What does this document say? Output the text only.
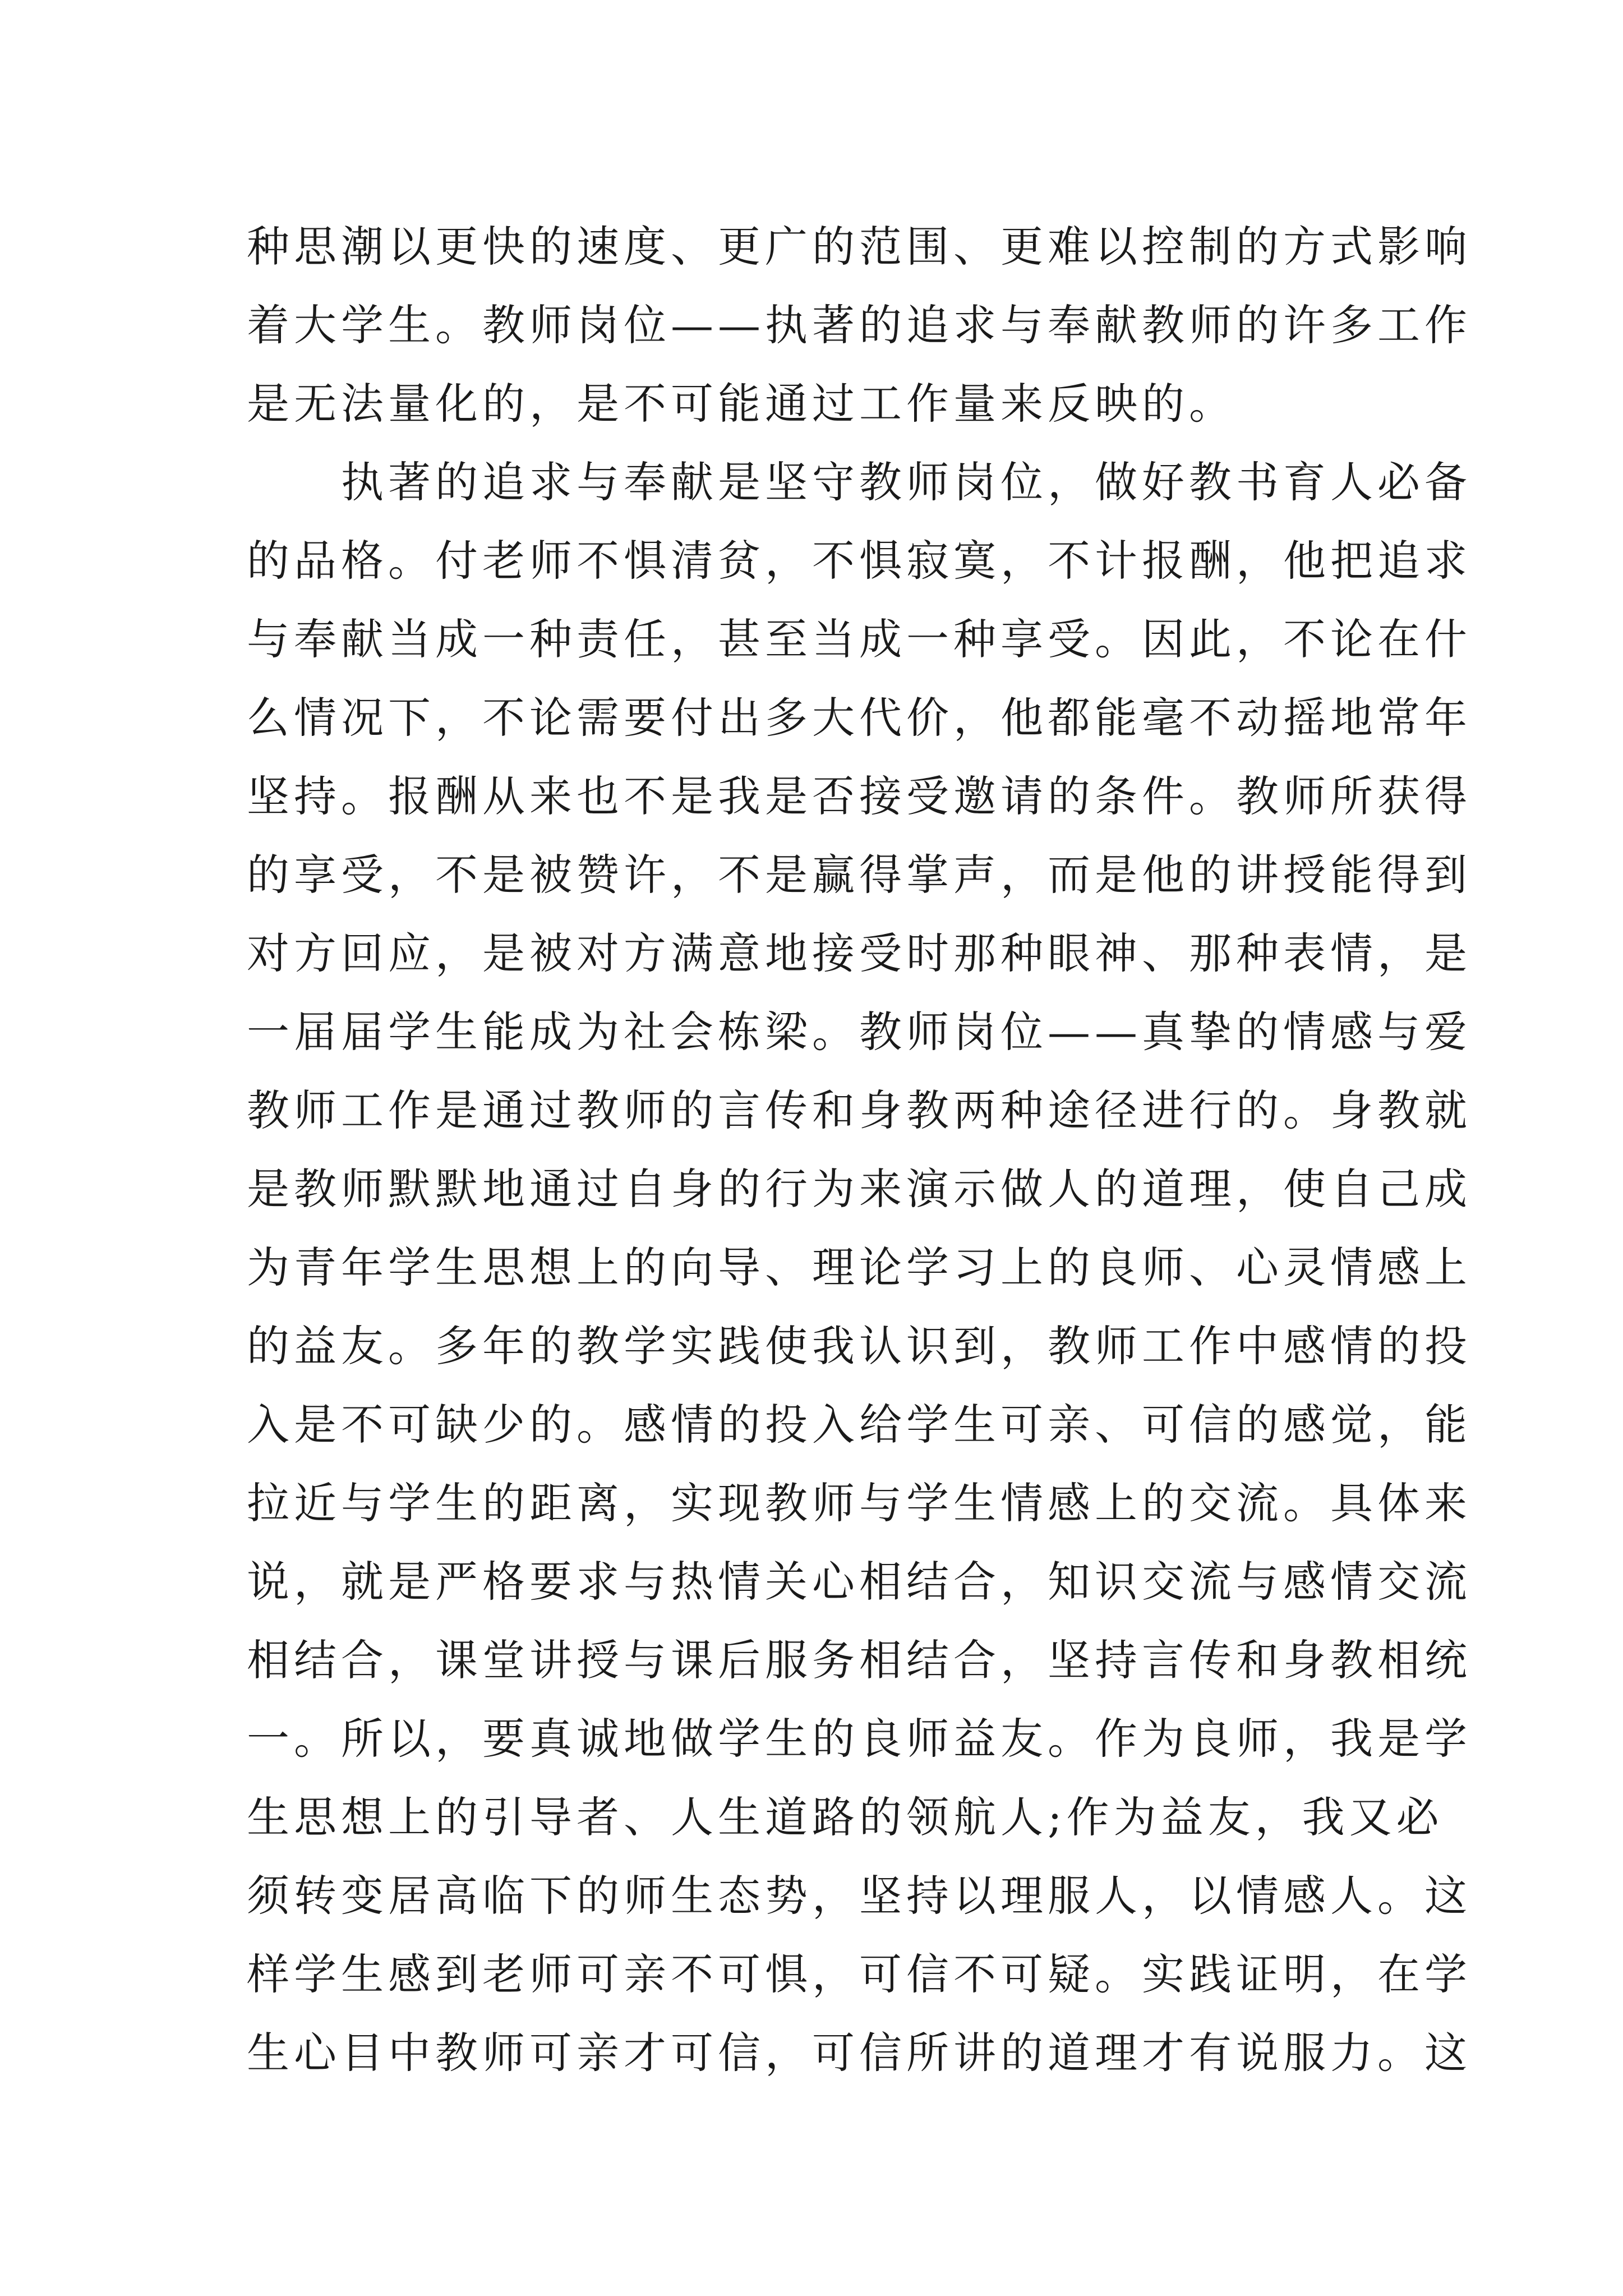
种思潮以更快的速度、更广的范围、更难以控制的方式影响
着大学生。教师岗位——执著的追求与奉献教师的许多工作
是无法量化的，是不可能通过工作量来反映的。

执著的追求与奉献是坚守教师岗位，做好教书育人必备
的品格。付老师不惧清贫，不惧寂寞，不计报酬，他把追求
与奉献当成一种责任，甚至当成一种享受。因此，不论在什
么情况下，不论需要付出多大代价，他都能毫不动摇地常年
坚持。报酬从来也不是我是否接受邀请的条件。教师所获得
的享受，不是被赞许，不是赢得掌声，而是他的讲授能得到
对方回应，是被对方满意地接受时那种眼神、那种表情，是
一届届学生能成为社会栋梁。教师岗位——真挚的情感与爱
教师工作是通过教师的言传和身教两种途径进行的。身教就
是教师默默地通过自身的行为来演示做人的道理，使自己成
为青年学生思想上的向导、理论学习上的良师、心灵情感上
的益友。多年的教学实践使我认识到，教师工作中感情的投
入是不可缺少的。感情的投入给学生可亲、可信的感觉，能
拉近与学生的距离，实现教师与学生情感上的交流。具体来
说，就是严格要求与热情关心相结合，知识交流与感情交流
相结合，课堂讲授与课后服务相结合，坚持言传和身教相统
一。所以，要真诚地做学生的良师益友。作为良师，我是学
生思想上的引导者、人生道路的领航人;作为益友，我又必
须转变居高临下的师生态势，坚持以理服人，以情感人。这
样学生感到老师可亲不可惧，可信不可疑。实践证明，在学
生心目中教师可亲才可信，可信所讲的道理才有说服力。这
